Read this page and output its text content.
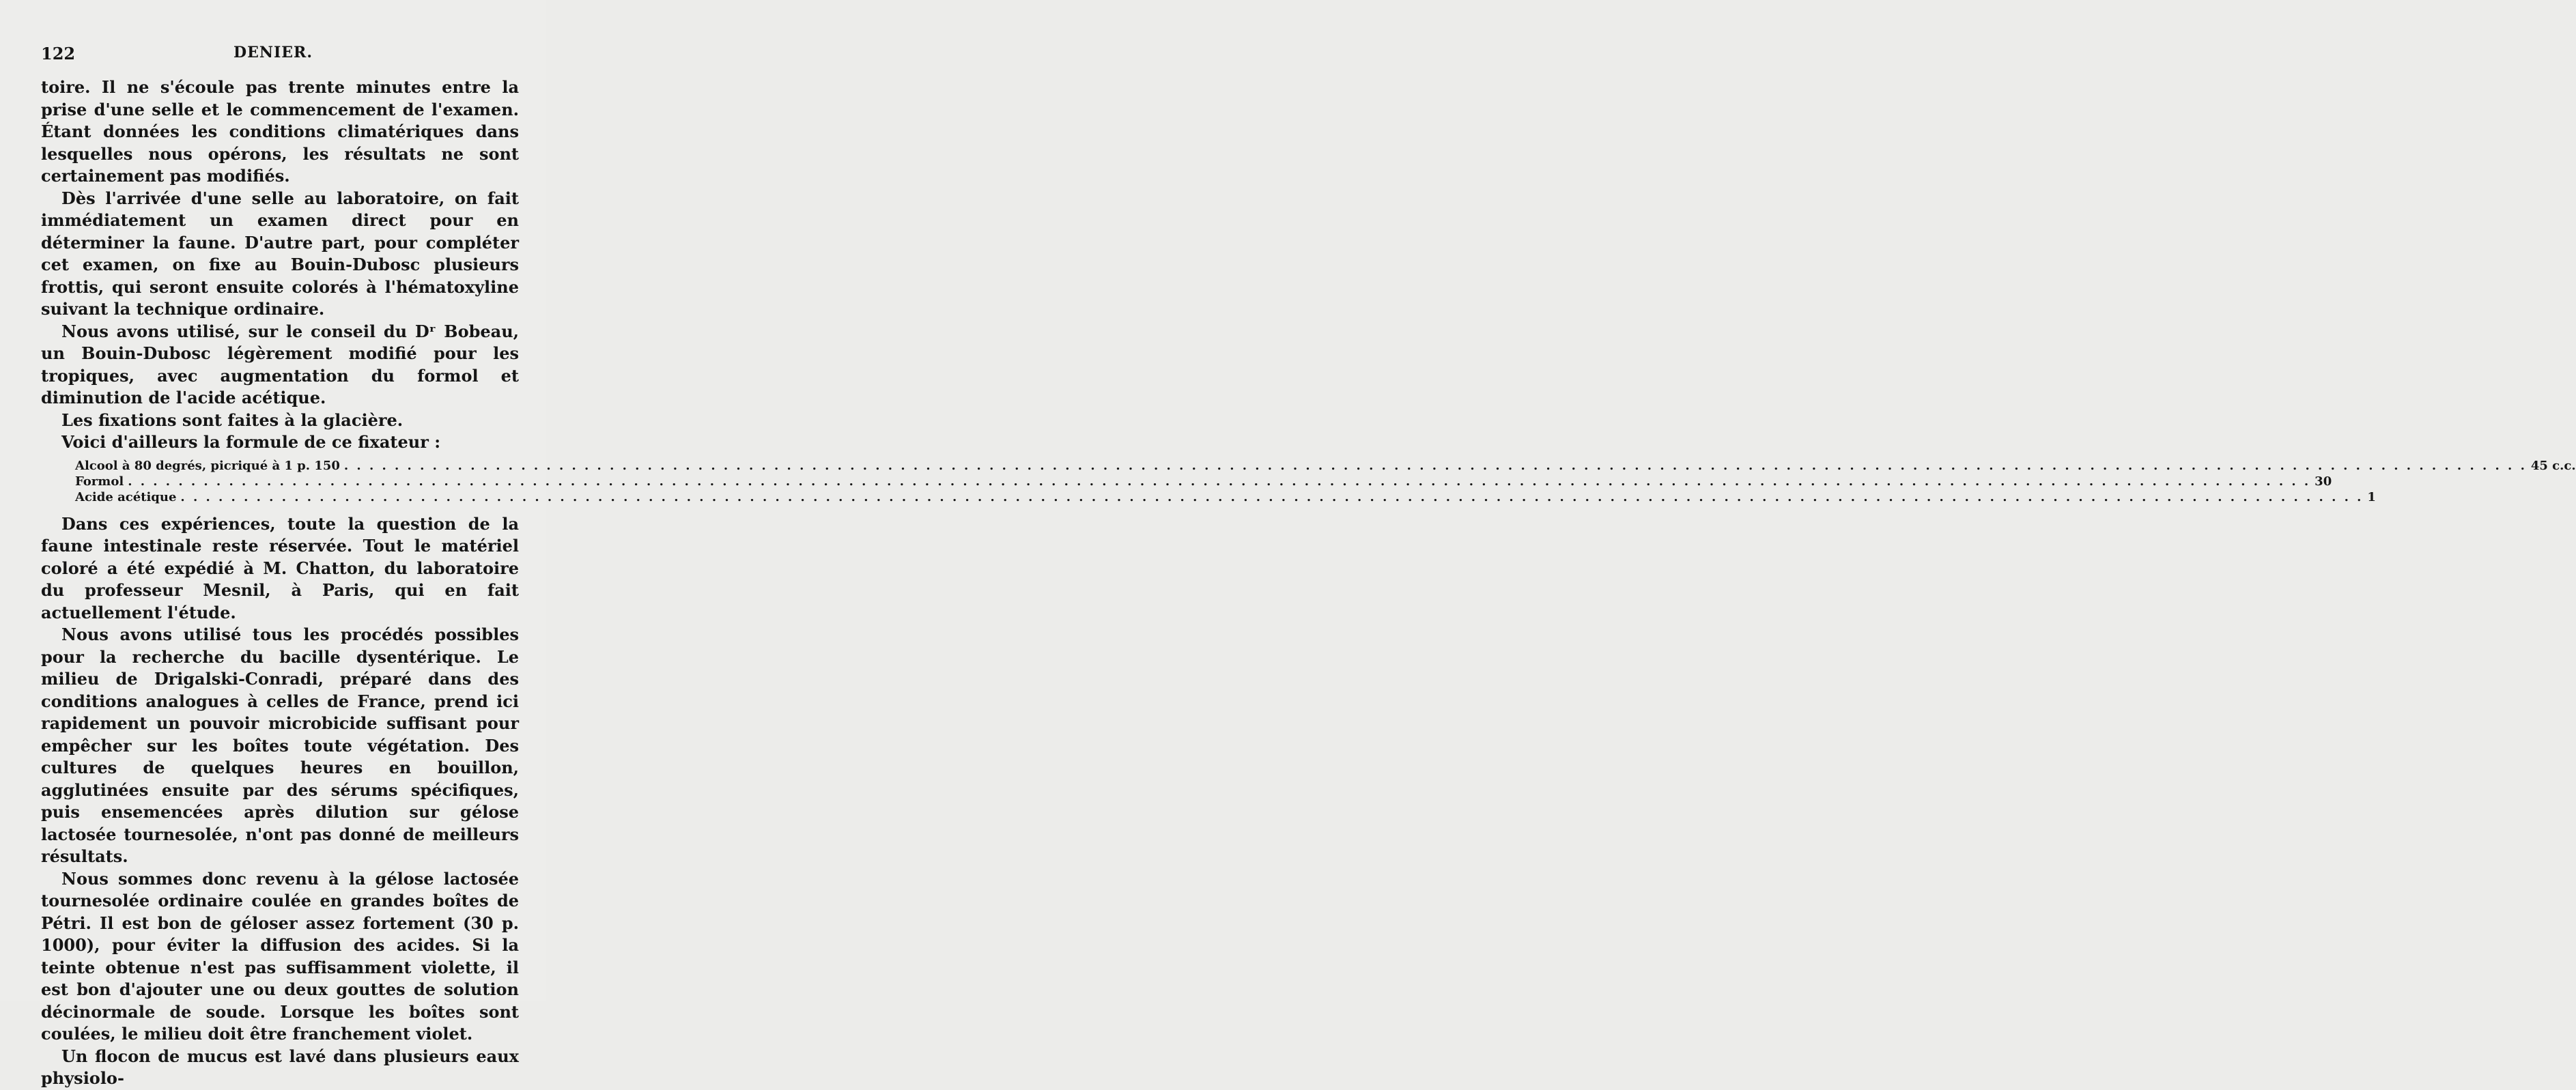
122	DENIER.

toire. Il ne s'écoule pas trente minutes entre la prise d'une selle et le commencement de l'examen. Étant données les conditions climatériques dans lesquelles nous opérons, les résultats ne sont certainement pas modifiés.

Dès l'arrivée d'une selle au laboratoire, on fait immédiatement un examen direct pour en déterminer la faune. D'autre part, pour compléter cet examen, on fixe au Bouin-Dubosc plusieurs frottis, qui seront ensuite colorés à l'hématoxyline suivant la technique ordinaire.

Nous avons utilisé, sur le conseil du Dʳ Bobeau, un Bouin-Dubosc légèrement modifié pour les tropiques, avec augmentation du formol et diminution de l'acide acétique.

Les fixations sont faites à la glacière.

Voici d'ailleurs la formule de ce fixateur :

Alcool à 80 degrés, picriqué à 1 p. 150 . . .	45 c.c.
Formol . . .	30
Acide acétique . . .	1

Dans ces expériences, toute la question de la faune intestinale reste réservée. Tout le matériel coloré a été expédié à M. Chatton, du laboratoire du professeur Mesnil, à Paris, qui en fait actuellement l'étude.

Nous avons utilisé tous les procédés possibles pour la recherche du bacille dysentérique. Le milieu de Drigalski-Conradi, préparé dans des conditions analogues à celles de France, prend ici rapidement un pouvoir microbicide suffisant pour empêcher sur les boîtes toute végétation. Des cultures de quelques heures en bouillon, agglutinées ensuite par des sérums spécifiques, puis ensemencées après dilution sur gélose lactosée tournesolée, n'ont pas donné de meilleurs résultats.

Nous sommes donc revenu à la gélose lactosée tournesolée ordinaire coulée en grandes boîtes de Pétri. Il est bon de géloser assez fortement (30 p. 1000), pour éviter la diffusion des acides. Si la teinte obtenue n'est pas suffisamment violette, il est bon d'ajouter une ou deux gouttes de solution décinormale de soude. Lorsque les boîtes sont coulées, le milieu doit être franchement violet.

Un flocon de mucus est lavé dans plusieurs eaux physiolo-
